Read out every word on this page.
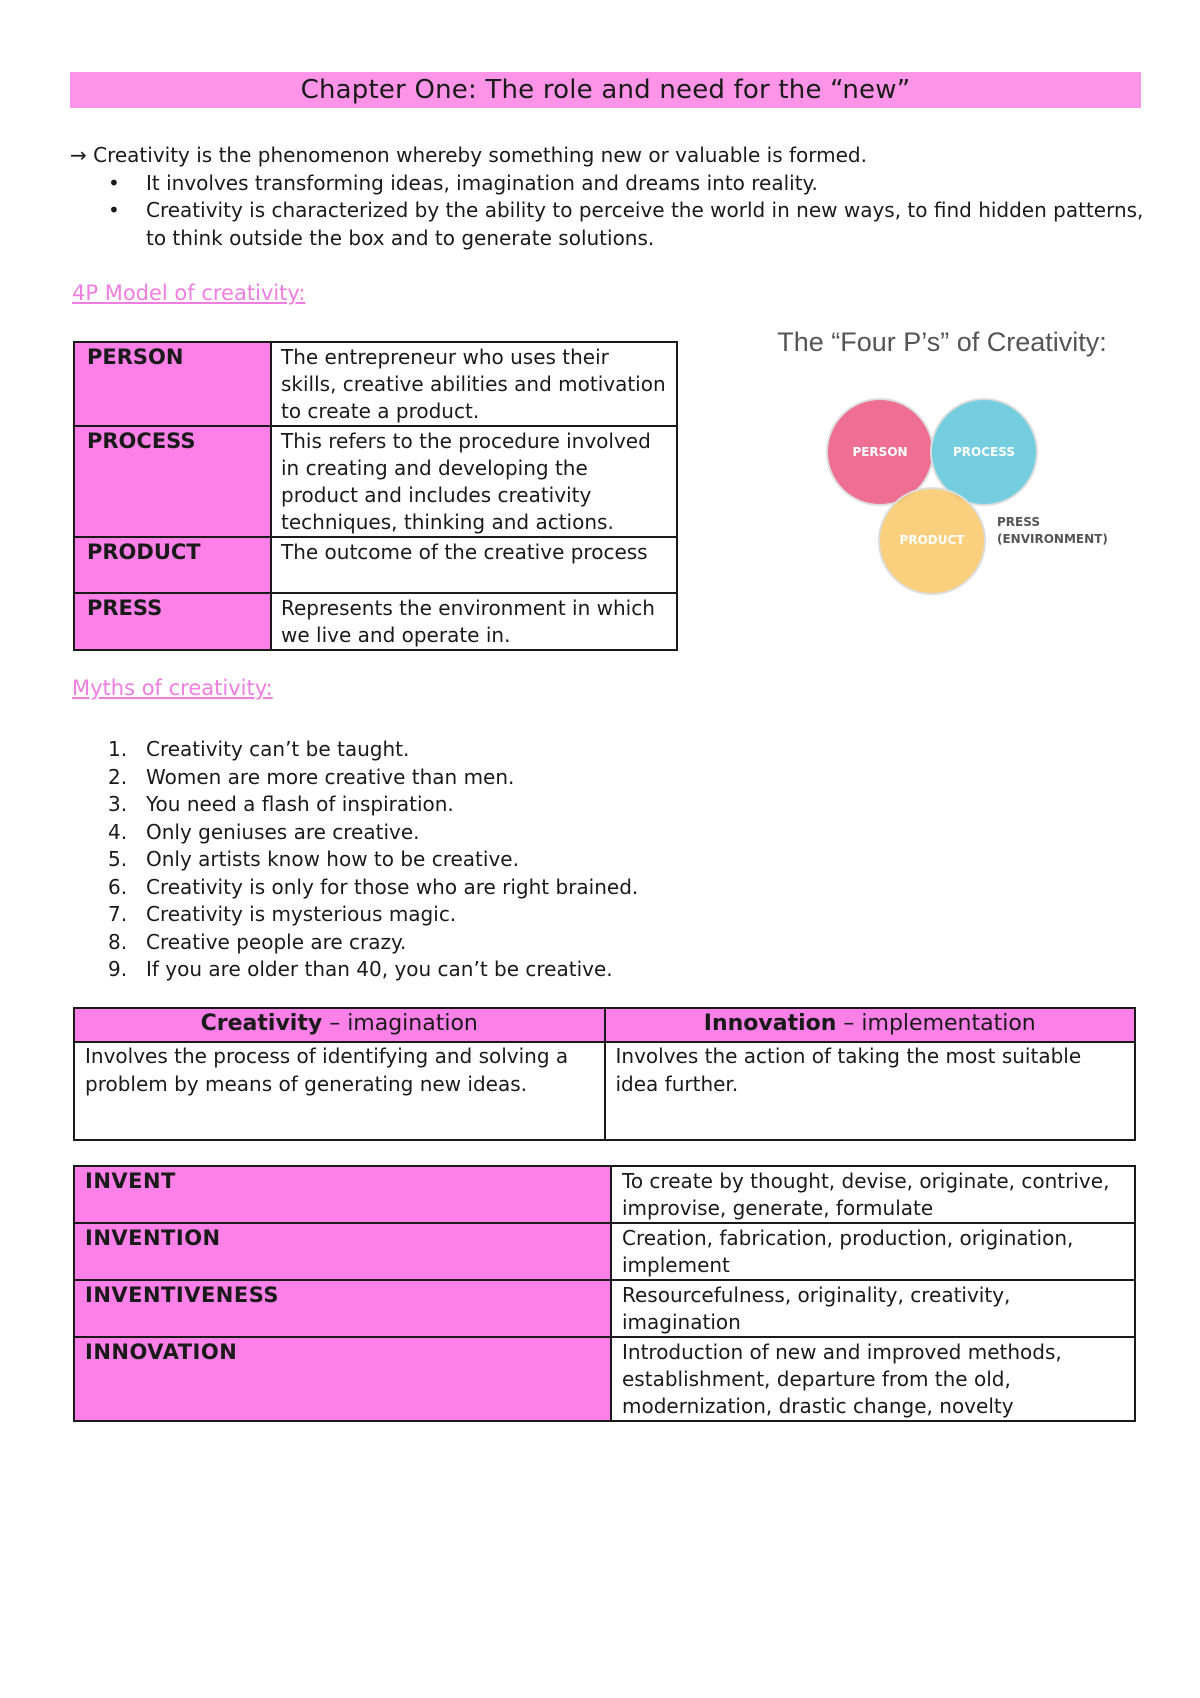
Chapter One: The role and need for the “new”

→ Creativity is the phenomenon whereby something new or valuable is formed.

• It involves transforming ideas, imagination and dreams into reality.
• Creativity is characterized by the ability to perceive the world in new ways, to find hidden patterns, to think outside the box and to generate solutions.
4P Model of creativity:
PERSON	The entrepreneur who uses their skills, creative abilities and motivation to create a product.
PROCESS	This refers to the procedure involved in creating and developing the product and includes creativity techniques, thinking and actions.
PRODUCT	The outcome of the creative process
PRESS	Represents the environment in which we live and operate in.
The “Four P’s” of Creativity:
PERSON	PROCESS
PRODUCT
PRESS
(ENVIRONMENT)
Myths of creativity:
1. Creativity can’t be taught.
2. Women are more creative than men.
3. You need a flash of inspiration.
4. Only geniuses are creative.
5. Only artists know how to be creative.
6. Creativity is only for those who are right brained.
7. Creativity is mysterious magic.
8. Creative people are crazy.
9. If you are older than 40, you can’t be creative.
Creativity – imagination	Innovation – implementation
Involves the process of identifying and solving a problem by means of generating new ideas.	Involves the action of taking the most suitable idea further.
INVENT	To create by thought, devise, originate, contrive, improvise, generate, formulate
INVENTION	Creation, fabrication, production, origination, implement
INVENTIVENESS	Resourcefulness, originality, creativity, imagination
INNOVATION	Introduction of new and improved methods, establishment, departure from the old, modernization, drastic change, novelty
